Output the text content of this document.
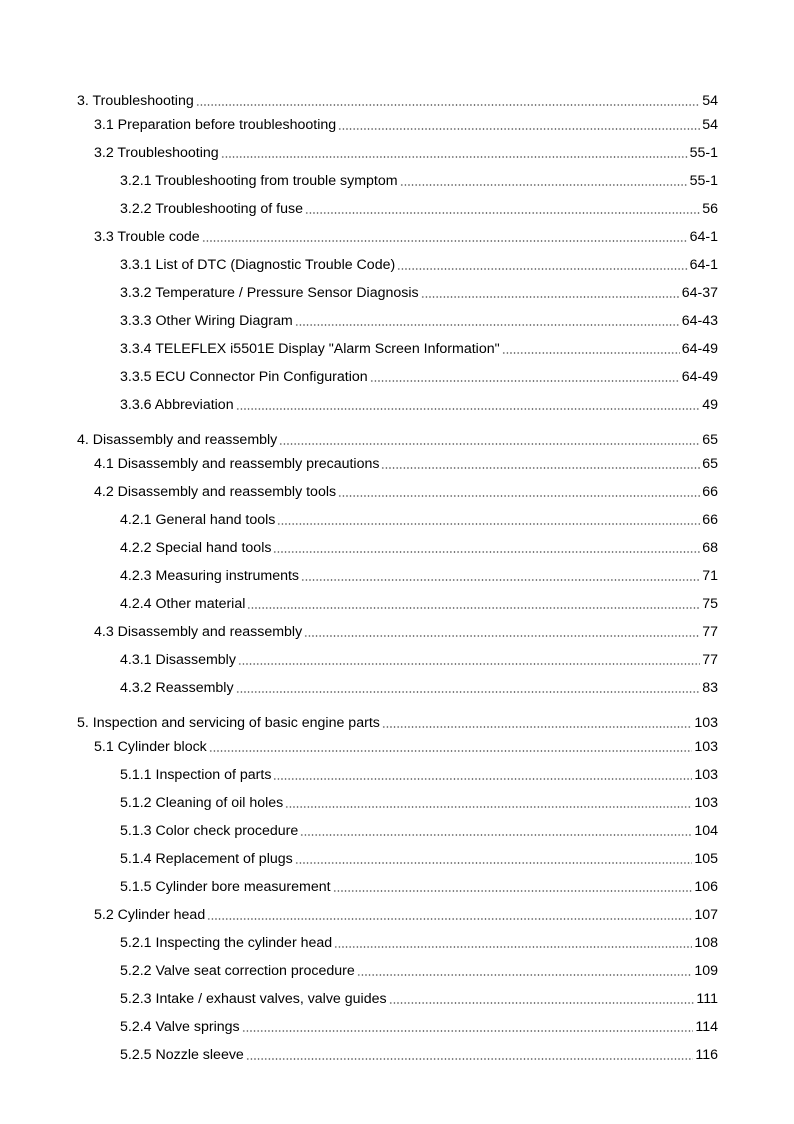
3. Troubleshooting	54
3.1 Preparation before troubleshooting	54
3.2 Troubleshooting	55-1
3.2.1 Troubleshooting from trouble symptom	55-1
3.2.2 Troubleshooting of fuse	56
3.3 Trouble code	64-1
3.3.1 List of DTC (Diagnostic Trouble Code)	64-1
3.3.2 Temperature / Pressure Sensor Diagnosis	64-37
3.3.3 Other Wiring Diagram	64-43
3.3.4 TELEFLEX i5501E Display "Alarm Screen Information"	64-49
3.3.5 ECU Connector Pin Configuration	64-49
3.3.6 Abbreviation	49
4. Disassembly and reassembly	65
4.1 Disassembly and reassembly precautions	65
4.2 Disassembly and reassembly tools	66
4.2.1 General hand tools	66
4.2.2 Special hand tools	68
4.2.3 Measuring instruments	71
4.2.4 Other material	75
4.3 Disassembly and reassembly	77
4.3.1 Disassembly	77
4.3.2 Reassembly	83
5. Inspection and servicing of basic engine parts	103
5.1 Cylinder block	103
5.1.1 Inspection of parts	103
5.1.2 Cleaning of oil holes	103
5.1.3 Color check procedure	104
5.1.4 Replacement of plugs	105
5.1.5 Cylinder bore measurement	106
5.2 Cylinder head	107
5.2.1 Inspecting the cylinder head	108
5.2.2 Valve seat correction procedure	109
5.2.3 Intake / exhaust valves, valve guides	111
5.2.4 Valve springs	114
5.2.5 Nozzle sleeve	116
